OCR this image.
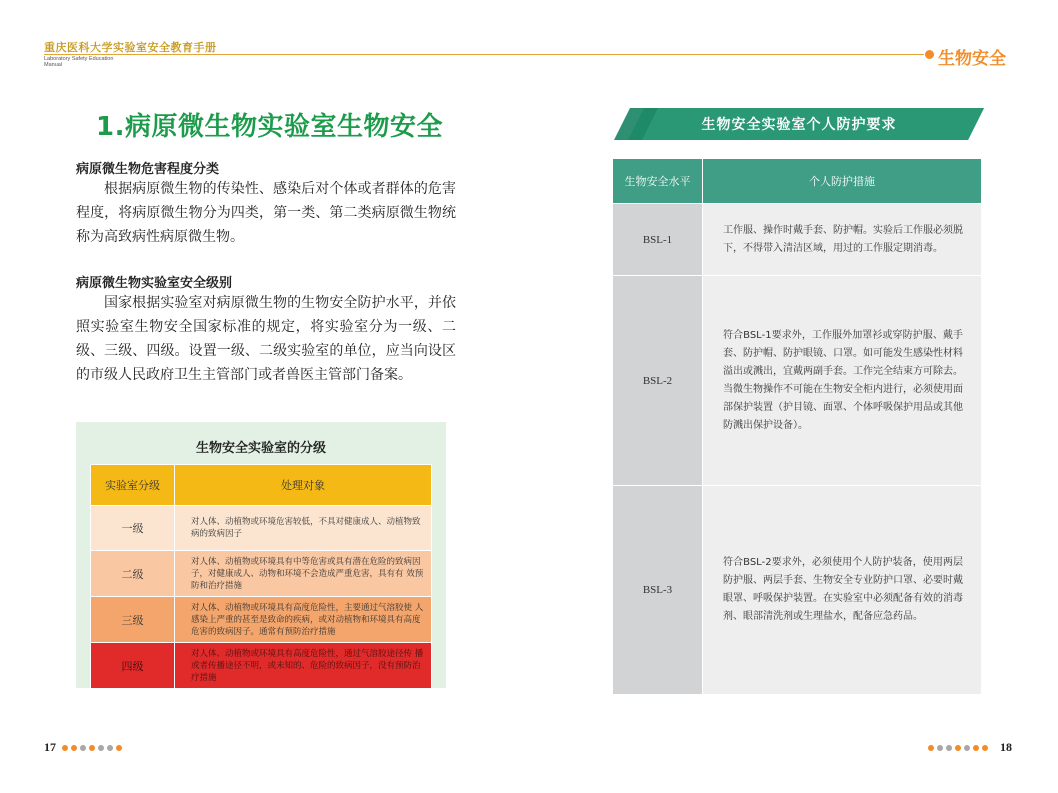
重庆医科大学实验室安全教育手册
Laboratory Safety Education Manual	生物安全
1.病原微生物实验室生物安全
病原微生物危害程度分类
根据病原微生物的传染性、感染后对个体或者群体的危害程度，将病原微生物分为四类，第一类、第二类病原微生物统称为高致病性病原微生物。
病原微生物实验室安全级别
国家根据实验室对病原微生物的生物安全防护水平，并依照实验室生物安全国家标准的规定，将实验室分为一级、二级、三级、四级。设置一级、二级实验室的单位，应当向设区的市级人民政府卫生主管部门或者兽医主管部门备案。
生物安全实验室的分级
实验室分级	处理对象
一级	对人体、动植物或环境危害较低，不具对健康成人、动植物致病的致病因子
二级	对人体、动植物或环境具有中等危害或具有潜在危险的致病因子，对健康成人、动物和环境不会造成严重危害，具有有 效预防和治疗措施
三级	对人体、动植物或环境具有高度危险性，主要通过气溶胶使 人感染上严重的甚至是致命的疾病，或对动植物和环境具有高度危害的致病因子。通常有预防治疗措施
四级	对人体、动植物或环境具有高度危险性，通过气溶胶途径传 播或者传播途径不明，或未知的、危险的致病因子，没有预防治疗措施
生物安全实验室个人防护要求
生物安全水平	个人防护措施
BSL-1	工作服、操作时戴手套、防护帽。实验后工作服必须脱下，不得带入清洁区域，用过的工作服定期消毒。
BSL-2	符合BSL-1要求外，工作服外加罩衫或穿防护服、戴手套、防护帽、防护眼镜、口罩。如可能发生感染性材料溢出或溅出，宜戴两副手套。工作完全结束方可除去。当微生物操作不可能在生物安全柜内进行，必须使用面部保护装置（护目镜、面罩、个体呼吸保护用品或其他防溅出保护设备）。
BSL-3	符合BSL-2要求外，必须使用个人防护装备，使用两层防护服、两层手套、生物安全专业防护口罩、必要时戴眼罩、呼吸保护装置。在实验室中必须配备有效的消毒剂、眼部清洗剂或生理盐水，配备应急药品。
17	18
